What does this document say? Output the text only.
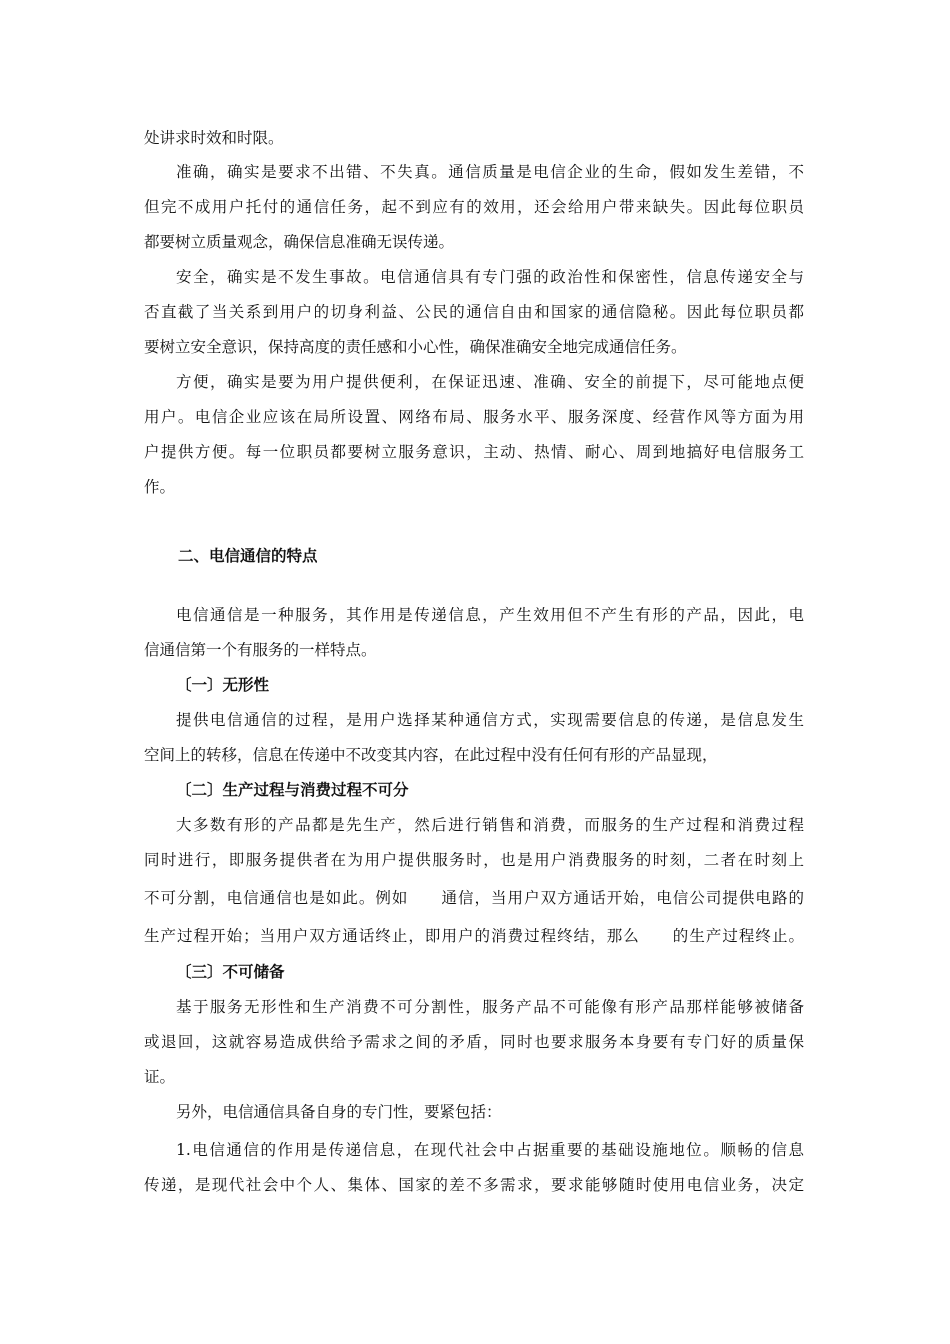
处讲求时效和时限。
准确，确实是要求不出错、不失真。通信质量是电信企业的生命，假如发生差错，不
但完不成用户托付的通信任务，起不到应有的效用，还会给用户带来缺失。因此每位职员
都要树立质量观念，确保信息准确无误传递。
安全，确实是不发生事故。电信通信具有专门强的政治性和保密性，信息传递安全与
否直截了当关系到用户的切身利益、公民的通信自由和国家的通信隐秘。因此每位职员都
要树立安全意识，保持高度的责任感和小心性，确保准确安全地完成通信任务。
方便，确实是要为用户提供便利，在保证迅速、准确、安全的前提下，尽可能地点便
用户。电信企业应该在局所设置、网络布局、服务水平、服务深度、经营作风等方面为用
户提供方便。每一位职员都要树立服务意识，主动、热情、耐心、周到地搞好电信服务工
作。
二、电信通信的特点
电信通信是一种服务，其作用是传递信息，产生效用但不产生有形的产品，因此，电
信通信第一个有服务的一样特点。
〔一〕无形性
提供电信通信的过程，是用户选择某种通信方式，实现需要信息的传递，是信息发生
空间上的转移，信息在传递中不改变其内容，在此过程中没有任何有形的产品显现，
〔二〕生产过程与消费过程不可分
大多数有形的产品都是先生产，然后进行销售和消费，而服务的生产过程和消费过程
同时进行，即服务提供者在为用户提供服务时，也是用户消费服务的时刻，二者在时刻上
不可分割，电信通信也是如此。例如　　通信，当用户双方通话开始，电信公司提供电路的
生产过程开始；当用户双方通话终止，即用户的消费过程终结，那么　　的生产过程终止。
〔三〕不可储备
基于服务无形性和生产消费不可分割性，服务产品不可能像有形产品那样能够被储备
或退回，这就容易造成供给予需求之间的矛盾，同时也要求服务本身要有专门好的质量保
证。
另外，电信通信具备自身的专门性，要紧包括：
1.电信通信的作用是传递信息，在现代社会中占据重要的基础设施地位。顺畅的信息
传递，是现代社会中个人、集体、国家的差不多需求，要求能够随时使用电信业务，决定
